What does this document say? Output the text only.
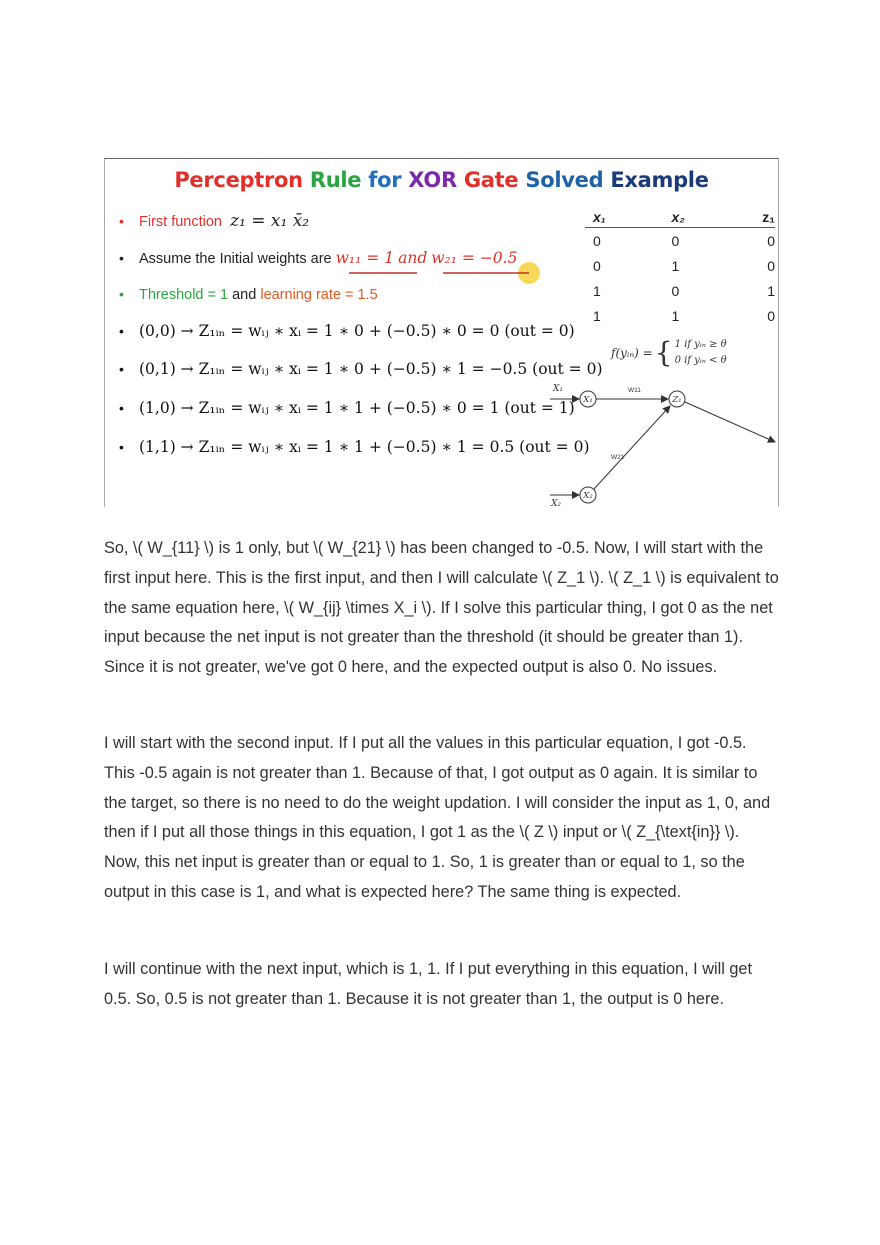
Perceptron Rule for XOR Gate Solved Example
• First function z₁ = x₁ x̄₂
• Assume the Initial weights are w₁₁ = 1 and w₂₁ = −0.5
• Threshold = 1 and learning rate = 1.5
• (0,0) → Z₁ᵢₙ = wᵢⱼ ∗ xᵢ = 1 ∗ 0 + (−0.5) ∗ 0 = 0 (out = 0)
• (0,1) → Z₁ᵢₙ = wᵢⱼ ∗ xᵢ = 1 ∗ 0 + (−0.5) ∗ 1 = −0.5 (out = 0)
• (1,0) → Z₁ᵢₙ = wᵢⱼ ∗ xᵢ = 1 ∗ 1 + (−0.5) ∗ 0 = 1 (out = 1)
• (1,1) → Z₁ᵢₙ = wᵢⱼ ∗ xᵢ = 1 ∗ 1 + (−0.5) ∗ 1 = 0.5 (out = 0)
x₁	x₂	z₁
0	0	0
0	1	0
1	0	1
1	1	0
f(yᵢₙ) = { 1 if yᵢₙ ≥ θ
0 if yᵢₙ < θ
X₁
X₂
X₁
X₂
Z₁
W11
W21

So, \( W_{11} \) is 1 only, but \( W_{21} \) has been changed to -0.5. Now, I will start with the first input here. This is the first input, and then I will calculate \( Z_1 \). \( Z_1 \) is equivalent to the same equation here, \( W_{ij} \times X_i \). If I solve this particular thing, I got 0 as the net input because the net input is not greater than the threshold (it should be greater than 1). Since it is not greater, we've got 0 here, and the expected output is also 0. No issues.

I will start with the second input. If I put all the values in this particular equation, I got -0.5. This -0.5 again is not greater than 1. Because of that, I got output as 0 again. It is similar to the target, so there is no need to do the weight updation. I will consider the input as 1, 0, and then if I put all those things in this equation, I got 1 as the \( Z \) input or \( Z_{\text{in}} \). Now, this net input is greater than or equal to 1. So, 1 is greater than or equal to 1, so the output in this case is 1, and what is expected here? The same thing is expected.

I will continue with the next input, which is 1, 1. If I put everything in this equation, I will get 0.5. So, 0.5 is not greater than 1. Because it is not greater than 1, the output is 0 here.
